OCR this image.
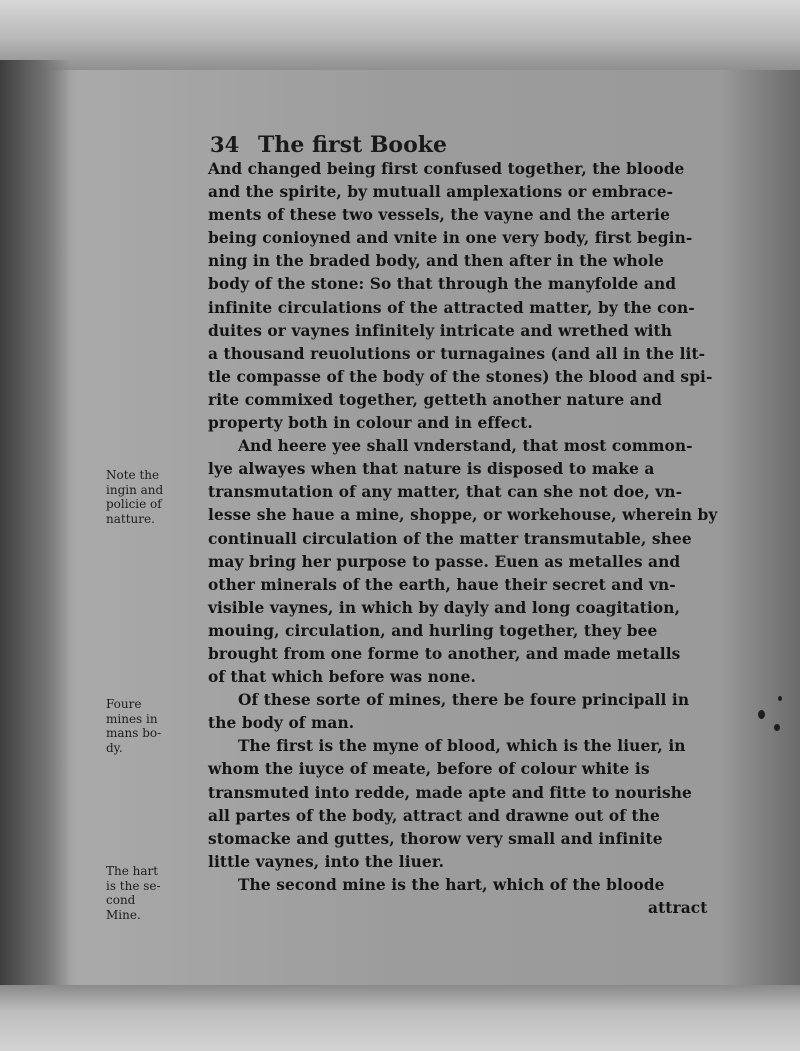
34 The first Booke
And changed being first confused together, the bloode
and the spirite, by mutuall amplexations or embrace-
ments of these two vessels, the vayne and the arterie
being conioyned and vnite in one very body, first begin-
ning in the braded body, and then after in the whole
body of the stone: So that through the manyfolde and
infinite circulations of the attracted matter, by the con-
duites or vaynes infinitely intricate and wrethed with
a thousand reuolutions or turnagaines (and all in the lit-
tle compasse of the body of the stones) the blood and spi-
rite commixed together, getteth another nature and
property both in colour and in effect.
And heere yee shall vnderstand, that most common-
lye alwayes when that nature is disposed to make a
transmutation of any matter, that can she not doe, vn-
lesse she haue a mine, shoppe, or workehouse, wherein by
continuall circulation of the matter transmutable, shee
may bring her purpose to passe. Euen as metalles and
other minerals of the earth, haue their secret and vn-
visible vaynes, in which by dayly and long coagitation,
mouing, circulation, and hurling together, they bee
brought from one forme to another, and made metalls
of that which before was none.
Of these sorte of mines, there be foure principall in
the body of man.
The first is the myne of blood, which is the liuer, in
whom the iuyce of meate, before of colour white is
transmuted into redde, made apte and fitte to nourishe
all partes of the body, attract and drawne out of the
stomacke and guttes, thorow very small and infinite
little vaynes, into the liuer.
The second mine is the hart, which of the bloode
attract
Note the
ingin and
policie of
natture.
Foure
mines in
mans bo-
dy.
The hart
is the se-
cond
Mine.
